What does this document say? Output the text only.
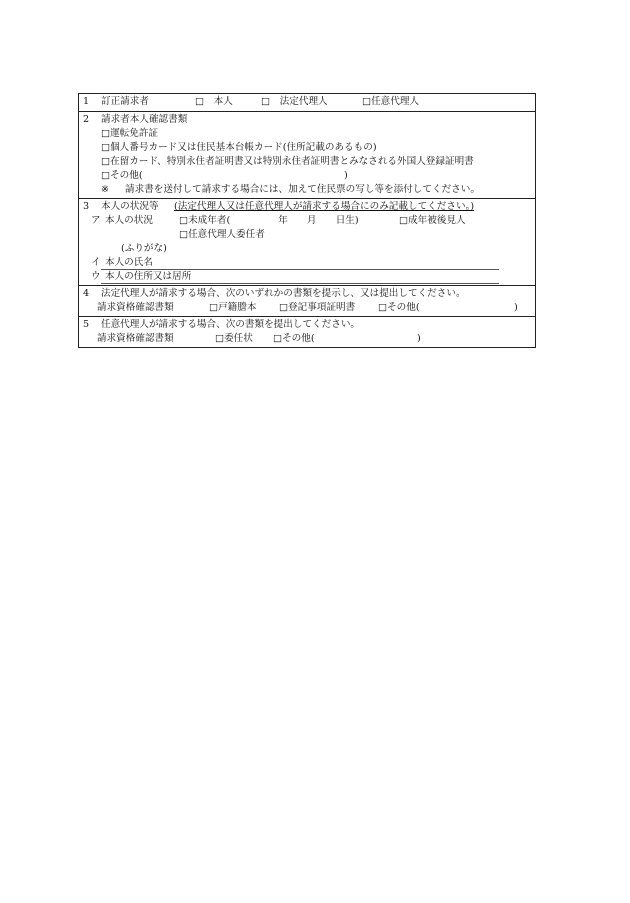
1 訂正請求者	□　本人	□　法定代理人	□任意代理人
2 請求者本人確認書類
□運転免許証
□個人番号カード又は住民基本台帳カード(住所記載のあるもの)
□在留カード、特別永住者証明書又は特別永住者証明書とみなされる外国人登録証明書
□その他(　　　　　　　　　　　　　　　　　　　　　)
※ 請求書を送付して請求する場合には、加えて住民票の写し等を添付してください。
3 本人の状況等 (法定代理人又は任意代理人が請求する場合にのみ記載してください。)
ア 本人の状況	□未成年者(　　　　　年　　月　　日生)	□成年被後見人
□任意代理人委任者
(ふりがな)
イ 本人の氏名
ウ 本人の住所又は居所
4 法定代理人が請求する場合、次のいずれかの書類を提示し、又は提出してください。
請求資格確認書類	□戸籍謄本 □登記事項証明書 □その他(	)
5 任意代理人が請求する場合、次の書類を提出してください。
請求資格確認書類	□委任状 □その他(	)
